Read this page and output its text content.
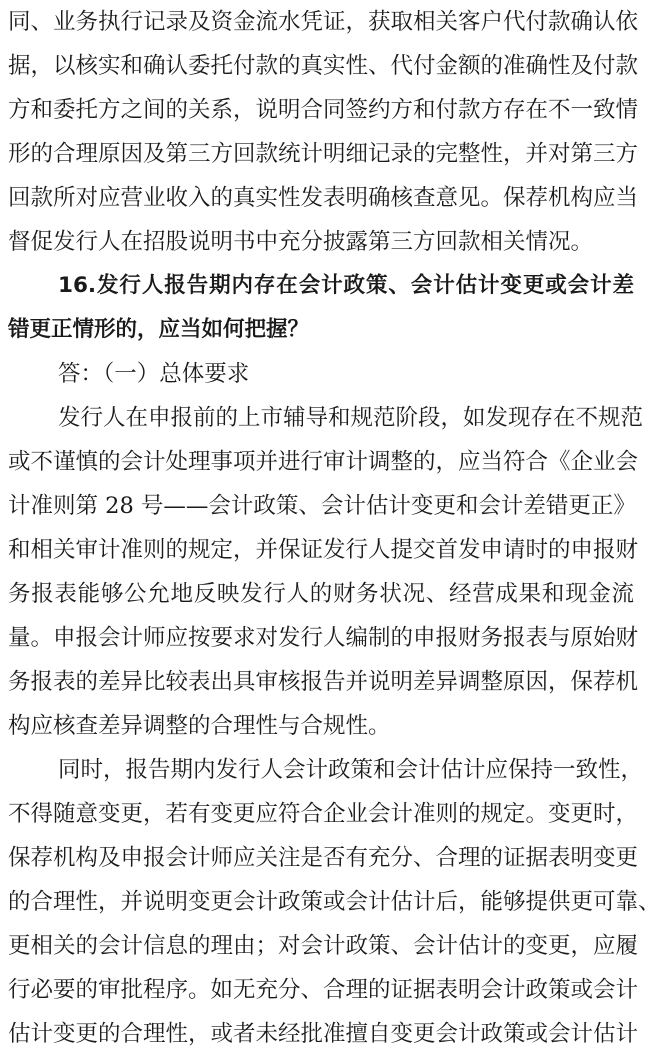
同、业务执行记录及资金流水凭证，获取相关客户代付款确认依
据，以核实和确认委托付款的真实性、代付金额的准确性及付款
方和委托方之间的关系，说明合同签约方和付款方存在不一致情
形的合理原因及第三方回款统计明细记录的完整性，并对第三方
回款所对应营业收入的真实性发表明确核查意见。保荐机构应当
督促发行人在招股说明书中充分披露第三方回款相关情况。
16.发行人报告期内存在会计政策、会计估计变更或会计差
错更正情形的，应当如何把握？
答：（一）总体要求
发行人在申报前的上市辅导和规范阶段，如发现存在不规范
或不谨慎的会计处理事项并进行审计调整的，应当符合《企业会
计准则第 28 号——会计政策、会计估计变更和会计差错更正》
和相关审计准则的规定，并保证发行人提交首发申请时的申报财
务报表能够公允地反映发行人的财务状况、经营成果和现金流
量。申报会计师应按要求对发行人编制的申报财务报表与原始财
务报表的差异比较表出具审核报告并说明差异调整原因，保荐机
构应核查差异调整的合理性与合规性。
同时，报告期内发行人会计政策和会计估计应保持一致性，
不得随意变更，若有变更应符合企业会计准则的规定。变更时，
保荐机构及申报会计师应关注是否有充分、合理的证据表明变更
的合理性，并说明变更会计政策或会计估计后，能够提供更可靠、
更相关的会计信息的理由；对会计政策、会计估计的变更，应履
行必要的审批程序。如无充分、合理的证据表明会计政策或会计
估计变更的合理性，或者未经批准擅自变更会计政策或会计估计
